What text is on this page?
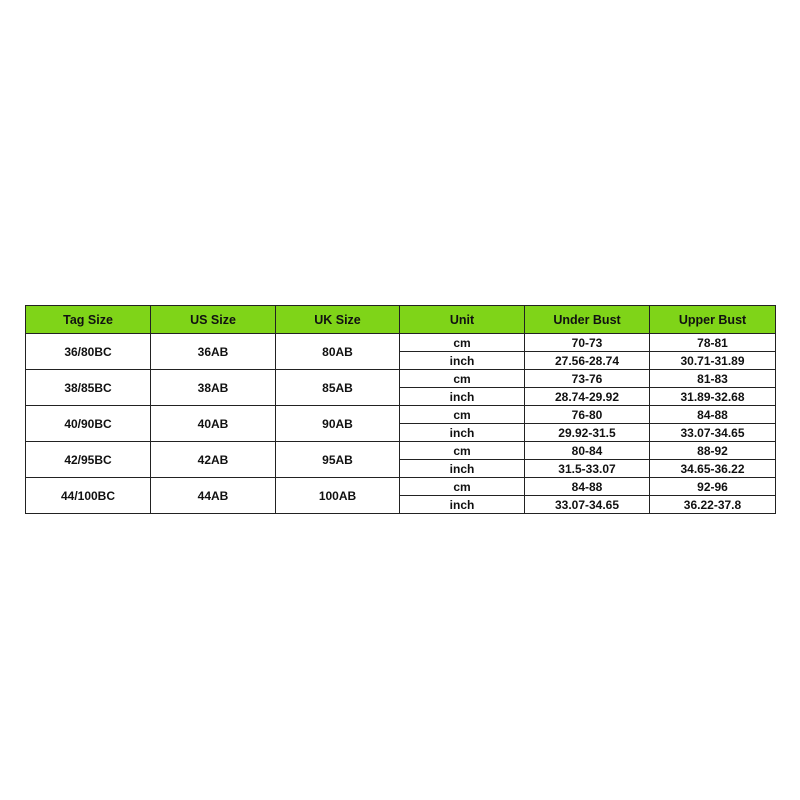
Tag Size	US Size	UK Size	Unit	Under Bust	Upper Bust
36/80BC	36AB	80AB	cm	70-73	78-81
			inch	27.56-28.74	30.71-31.89
38/85BC	38AB	85AB	cm	73-76	81-83
			inch	28.74-29.92	31.89-32.68
40/90BC	40AB	90AB	cm	76-80	84-88
			inch	29.92-31.5	33.07-34.65
42/95BC	42AB	95AB	cm	80-84	88-92
			inch	31.5-33.07	34.65-36.22
44/100BC	44AB	100AB	cm	84-88	92-96
			inch	33.07-34.65	36.22-37.8
